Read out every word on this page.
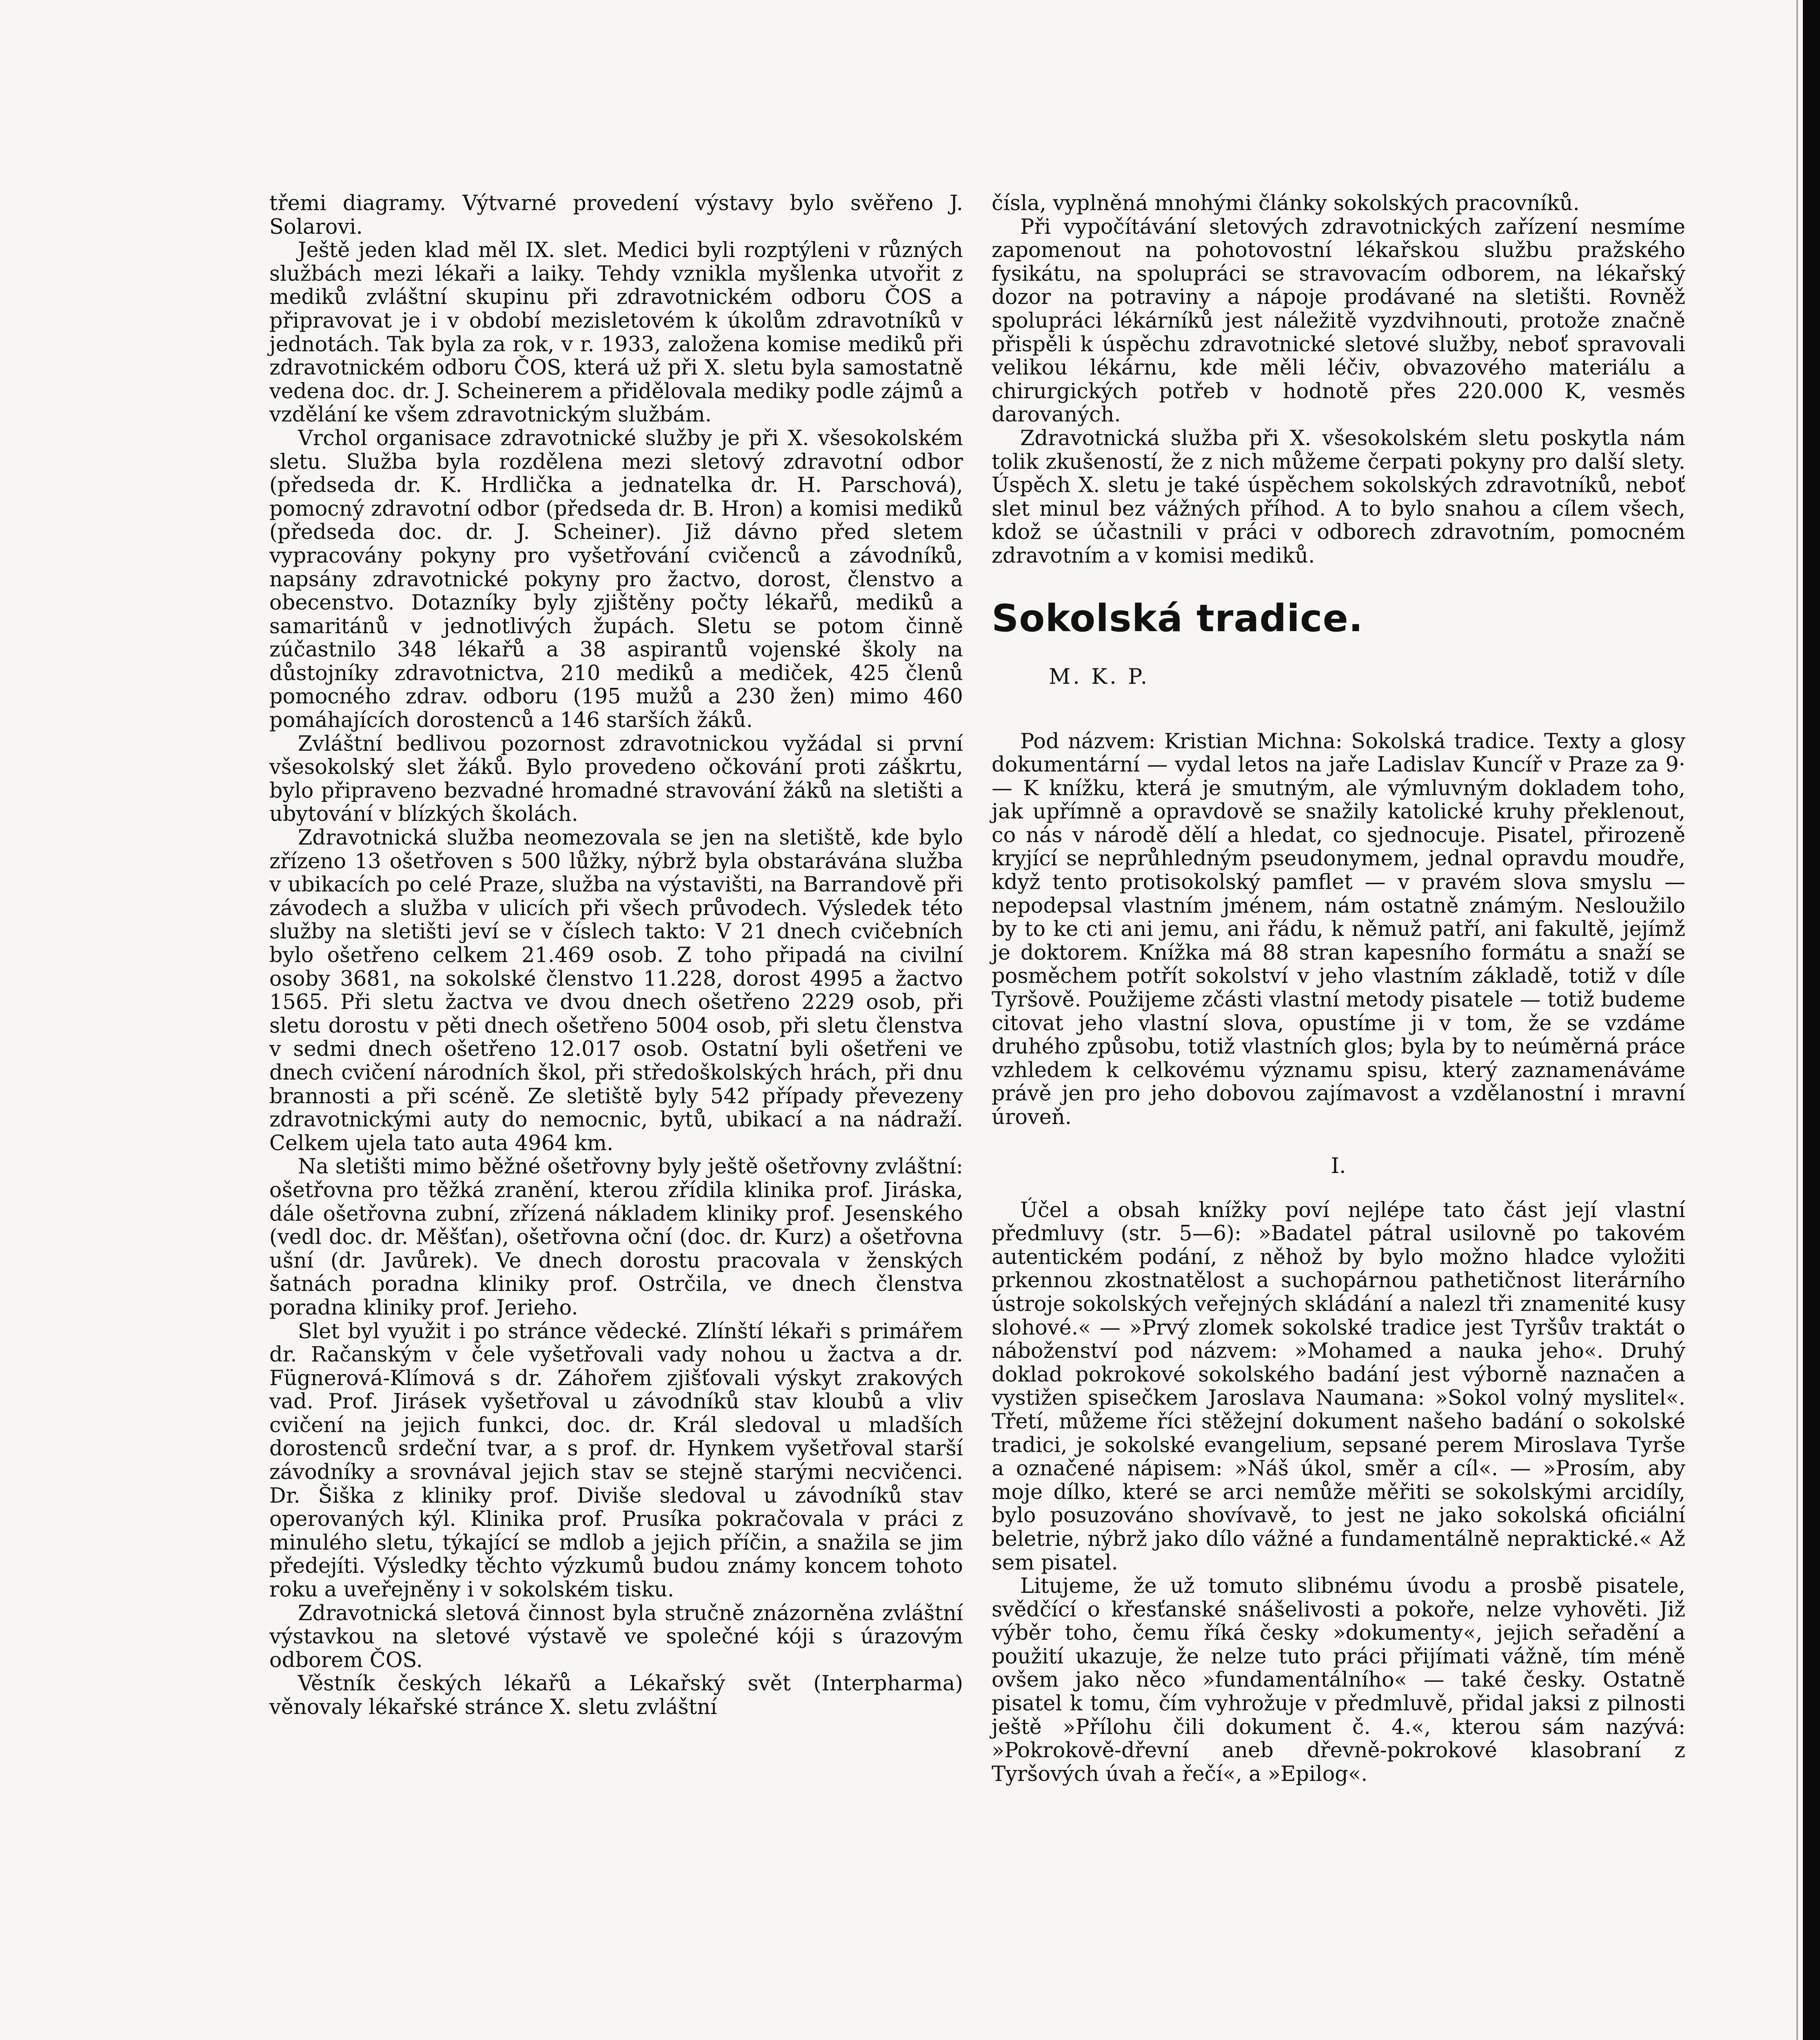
třemi diagramy. Výtvarné provedení výstavy bylo svěřeno J. Solarovi.

Ještě jeden klad měl IX. slet. Medici byli rozptýleni v různých službách mezi lékaři a laiky. Tehdy vznikla myšlenka utvořit z mediků zvláštní skupinu při zdravotnickém odboru ČOS a připravovat je i v období mezisletovém k úkolům zdravotníků v jednotách. Tak byla za rok, v r. 1933, založena komise mediků při zdravotnickém odboru ČOS, která už při X. sletu byla samostatně vedena doc. dr. J. Scheinerem a přidělovala mediky podle zájmů a vzdělání ke všem zdravotnickým službám.

Vrchol organisace zdravotnické služby je při X. všesokolském sletu. Služba byla rozdělena mezi sletový zdravotní odbor (předseda dr. K. Hrdlička a jednatelka dr. H. Parschová), pomocný zdravotní odbor (předseda dr. B. Hron) a komisi mediků (předseda doc. dr. J. Scheiner). Již dávno před sletem vypracovány pokyny pro vyšetřování cvičenců a závodníků, napsány zdravotnické pokyny pro žactvo, dorost, členstvo a obecenstvo. Dotazníky byly zjištěny počty lékařů, mediků a samaritánů v jednotlivých župách. Sletu se potom činně zúčastnilo 348 lékařů a 38 aspirantů vojenské školy na důstojníky zdravotnictva, 210 mediků a mediček, 425 členů pomocného zdrav. odboru (195 mužů a 230 žen) mimo 460 pomáhajících dorostenců a 146 starších žáků.

Zvláštní bedlivou pozornost zdravotnickou vyžádal si první všesokolský slet žáků. Bylo provedeno očkování proti záškrtu, bylo připraveno bezvadné hromadné stravování žáků na sletišti a ubytování v blízkých školách.

Zdravotnická služba neomezovala se jen na sletiště, kde bylo zřízeno 13 ošetřoven s 500 lůžky, nýbrž byla obstarávána služba v ubikacích po celé Praze, služba na výstavišti, na Barrandově při závodech a služba v ulicích při všech průvodech. Výsledek této služby na sletišti jeví se v číslech takto: V 21 dnech cvičebních bylo ošetřeno celkem 21.469 osob. Z toho připadá na civilní osoby 3681, na sokolské členstvo 11.228, dorost 4995 a žactvo 1565. Při sletu žactva ve dvou dnech ošetřeno 2229 osob, při sletu dorostu v pěti dnech ošetřeno 5004 osob, při sletu členstva v sedmi dnech ošetřeno 12.017 osob. Ostatní byli ošetřeni ve dnech cvičení národních škol, při středoškolských hrách, při dnu brannosti a při scéně. Ze sletiště byly 542 případy převezeny zdravotnickými auty do nemocnic, bytů, ubikací a na nádraží. Celkem ujela tato auta 4964 km.

Na sletišti mimo běžné ošetřovny byly ještě ošetřovny zvláštní: ošetřovna pro těžká zranění, kterou zřídila klinika prof. Jiráska, dále ošetřovna zubní, zřízená nákladem kliniky prof. Jesenského (vedl doc. dr. Měšťan), ošetřovna oční (doc. dr. Kurz) a ošetřovna ušní (dr. Javůrek). Ve dnech dorostu pracovala v ženských šatnách poradna kliniky prof. Ostrčila, ve dnech členstva poradna kliniky prof. Jerieho.

Slet byl využit i po stránce vědecké. Zlínští lékaři s primářem dr. Račanským v čele vyšetřovali vady nohou u žactva a dr. Fügnerová-Klímová s dr. Záhořem zjišťovali výskyt zrakových vad. Prof. Jirásek vyšetřoval u závodníků stav kloubů a vliv cvičení na jejich funkci, doc. dr. Král sledoval u mladších dorostenců srdeční tvar, a s prof. dr. Hynkem vyšetřoval starší závodníky a srovnával jejich stav se stejně starými necvičenci. Dr. Šiška z kliniky prof. Diviše sledoval u závodníků stav operovaných kýl. Klinika prof. Prusíka pokračovala v práci z minulého sletu, týkající se mdlob a jejich příčin, a snažila se jim předejíti. Výsledky těchto výzkumů budou známy koncem tohoto roku a uveřejněny i v sokolském tisku.

Zdravotnická sletová činnost byla stručně znázorněna zvláštní výstavkou na sletové výstavě ve společné kóji s úrazovým odborem ČOS.

Věstník českých lékařů a Lékařský svět (Interpharma) věnovaly lékařské stránce X. sletu zvláštní

čísla, vyplněná mnohými články sokolských pracovníků.

Při vypočítávání sletových zdravotnických zařízení nesmíme zapomenout na pohotovostní lékařskou službu pražského fysikátu, na spolupráci se stravovacím odborem, na lékařský dozor na potraviny a nápoje prodávané na sletišti. Rovněž spolupráci lékárníků jest náležitě vyzdvihnouti, protože značně přispěli k úspěchu zdravotnické sletové služby, neboť spravovali velikou lékárnu, kde měli léčiv, obvazového materiálu a chirurgických potřeb v hodnotě přes 220.000 K, vesměs darovaných.

Zdravotnická služba při X. všesokolském sletu poskytla nám tolik zkušeností, že z nich můžeme čerpati pokyny pro další slety. Úspěch X. sletu je také úspěchem sokolských zdravotníků, neboť slet minul bez vážných příhod. A to bylo snahou a cílem všech, kdož se účastnili v práci v odborech zdravotním, pomocném zdravotním a v komisi mediků.

Sokolská tradice.
M. K. P.

Pod názvem: Kristian Michna: Sokolská tradice. Texty a glosy dokumentární — vydal letos na jaře Ladislav Kuncíř v Praze za 9·— K knížku, která je smutným, ale výmluvným dokladem toho, jak upřímně a opravdově se snažily katolické kruhy překlenout, co nás v národě dělí a hledat, co sjednocuje. Pisatel, přirozeně kryjící se neprůhledným pseudonymem, jednal opravdu moudře, když tento protisokolský pamflet — v pravém slova smyslu — nepodepsal vlastním jménem, nám ostatně známým. Nesloužilo by to ke cti ani jemu, ani řádu, k němuž patří, ani fakultě, jejímž je doktorem. Knížka má 88 stran kapesního formátu a snaží se posměchem potřít sokolství v jeho vlastním základě, totiž v díle Tyršově. Použijeme zčásti vlastní metody pisatele — totiž budeme citovat jeho vlastní slova, opustíme ji v tom, že se vzdáme druhého způsobu, totiž vlastních glos; byla by to neúměrná práce vzhledem k celkovému významu spisu, který zaznamenáváme právě jen pro jeho dobovou zajímavost a vzdělanostní i mravní úroveň.

I.

Účel a obsah knížky poví nejlépe tato část její vlastní předmluvy (str. 5—6): »Badatel pátral usilovně po takovém autentickém podání, z něhož by bylo možno hladce vyložiti prkennou zkostnatělost a suchopárnou pathetičnost literárního ústroje sokolských veřejných skládání a nalezl tři znamenité kusy slohové.« — »Prvý zlomek sokolské tradice jest Tyršův traktát o náboženství pod názvem: »Mohamed a nauka jeho«. Druhý doklad pokrokové sokolského badání jest výborně naznačen a vystižen spisečkem Jaroslava Naumana: »Sokol volný myslitel«. Třetí, můžeme říci stěžejní dokument našeho badání o sokolské tradici, je sokolské evangelium, sepsané perem Miroslava Tyrše a označené nápisem: »Náš úkol, směr a cíl«. — »Prosím, aby moje dílko, které se arci nemůže měřiti se sokolskými arcidíly, bylo posuzováno shovívavě, to jest ne jako sokolská oficiální beletrie, nýbrž jako dílo vážné a fundamentálně nepraktické.« Až sem pisatel.

Litujeme, že už tomuto slibnému úvodu a prosbě pisatele, svědčící o křesťanské snášelivosti a pokoře, nelze vyhověti. Již výběr toho, čemu říká česky »dokumenty«, jejich seřadění a použití ukazuje, že nelze tuto práci přijímati vážně, tím méně ovšem jako něco »fundamentálního« — také česky. Ostatně pisatel k tomu, čím vyhrožuje v předmluvě, přidal jaksi z pilnosti ještě »Přílohu čili dokument č. 4.«, kterou sám nazývá: »Pokrokově-dřevní aneb dřevně-pokrokové klasobraní z Tyršových úvah a řečí«, a »Epilog«.
